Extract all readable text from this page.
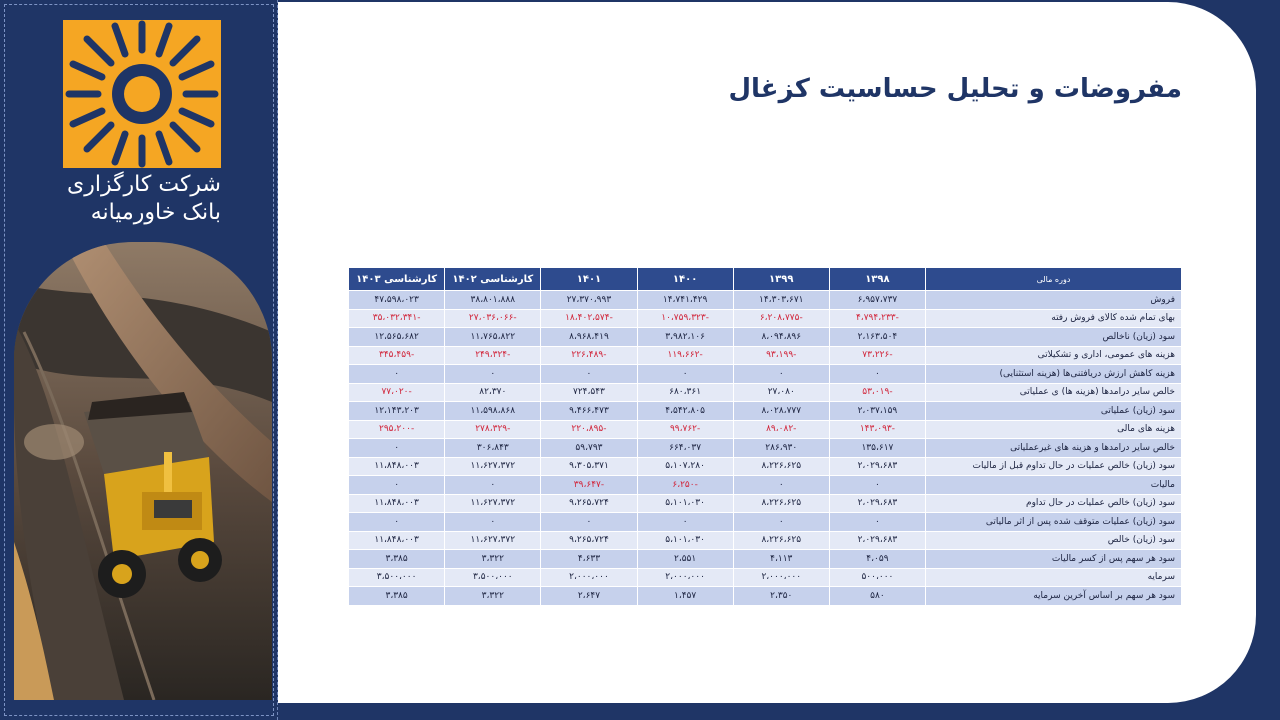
شرکت کارگزاری
بانک خاورمیانه
مفروضات و تحلیل حساسیت کزغال
دوره مالی	۱۳۹۸	۱۳۹۹	۱۴۰۰	۱۴۰۱	کارشناسی ۱۴۰۲	کارشناسی ۱۴۰۳
فروش	۶،۹۵۷،۷۳۷	۱۴،۳۰۳،۶۷۱	۱۴،۷۴۱،۴۲۹	۲۷،۳۷۰،۹۹۳	۳۸،۸۰۱،۸۸۸	۴۷،۵۹۸،۰۲۳
بهای تمام شده کالای فروش رفته	-۴،۷۹۴،۲۳۳	-۶،۲۰۸،۷۷۵	-۱۰،۷۵۹،۳۲۳	-۱۸،۴۰۲،۵۷۴	-۲۷،۰۳۶،۰۶۶	-۳۵،۰۳۲،۳۴۱
سود (زیان) ناخالص	۲،۱۶۳،۵۰۴	۸،۰۹۴،۸۹۶	۳،۹۸۲،۱۰۶	۸،۹۶۸،۴۱۹	۱۱،۷۶۵،۸۲۲	۱۲،۵۶۵،۶۸۲
هزینه های عمومی، اداری و تشکیلاتی	-۷۳،۲۲۶	-۹۳،۱۹۹	-۱۱۹،۶۶۲	-۲۲۶،۴۸۹	-۲۴۹،۳۲۴	-۳۴۵،۴۵۹
هزینه کاهش ارزش دریافتنی‌ها (هزینه استثنایی)	۰	۰	۰	۰	۰	۰
خالص سایر درامدها (هزینه ها) ی عملیاتی	-۵۳،۰۱۹	۲۷،۰۸۰	۶۸۰،۳۶۱	۷۲۴،۵۴۳	۸۲،۳۷۰	-۷۷،۰۲۰
سود (زیان) عملیاتی	۲،۰۳۷،۱۵۹	۸،۰۲۸،۷۷۷	۴،۵۴۲،۸۰۵	۹،۴۶۶،۴۷۳	۱۱،۵۹۸،۸۶۸	۱۲،۱۴۳،۲۰۳
هزینه های مالی	-۱۴۳،۰۹۳	-۸۹،۰۸۲	-۹۹،۷۶۲	-۲۲۰،۸۹۵	-۲۷۸،۳۲۹	-۲۹۵،۲۰۰
خالص سایر درامدها و هزینه های غیرعملیاتی	۱۳۵،۶۱۷	۲۸۶،۹۳۰	۶۶۴،۰۳۷	۵۹،۷۹۳	۳۰۶،۸۴۳	۰
سود (زیان) خالص عملیات در حال تداوم قبل از مالیات	۲،۰۲۹،۶۸۳	۸،۲۲۶،۶۲۵	۵،۱۰۷،۲۸۰	۹،۳۰۵،۳۷۱	۱۱،۶۲۷،۳۷۲	۱۱،۸۴۸،۰۰۳
مالیات	۰	۰	-۶،۲۵۰	-۳۹،۶۴۷	۰	۰
سود (زیان) خالص عملیات در حال تداوم	۲،۰۲۹،۶۸۳	۸،۲۲۶،۶۲۵	۵،۱۰۱،۰۳۰	۹،۲۶۵،۷۲۴	۱۱،۶۲۷،۳۷۲	۱۱،۸۴۸،۰۰۳
سود (زیان) عملیات متوقف شده پس از اثر مالیاتی	۰	۰	۰	۰	۰	۰
سود (زیان) خالص	۲،۰۲۹،۶۸۳	۸،۲۲۶،۶۲۵	۵،۱۰۱،۰۳۰	۹،۲۶۵،۷۲۴	۱۱،۶۲۷،۳۷۲	۱۱،۸۴۸،۰۰۳
سود هر سهم پس از کسر مالیات	۴،۰۵۹	۴،۱۱۳	۲،۵۵۱	۴،۶۳۳	۳،۳۲۲	۳،۳۸۵
سرمایه	۵۰۰،۰۰۰	۲،۰۰۰،۰۰۰	۲،۰۰۰،۰۰۰	۲،۰۰۰،۰۰۰	۳،۵۰۰،۰۰۰	۳،۵۰۰،۰۰۰
سود هر سهم بر اساس آخرین سرمایه	۵۸۰	۲،۳۵۰	۱،۴۵۷	۲،۶۴۷	۳،۳۲۲	۳،۳۸۵
